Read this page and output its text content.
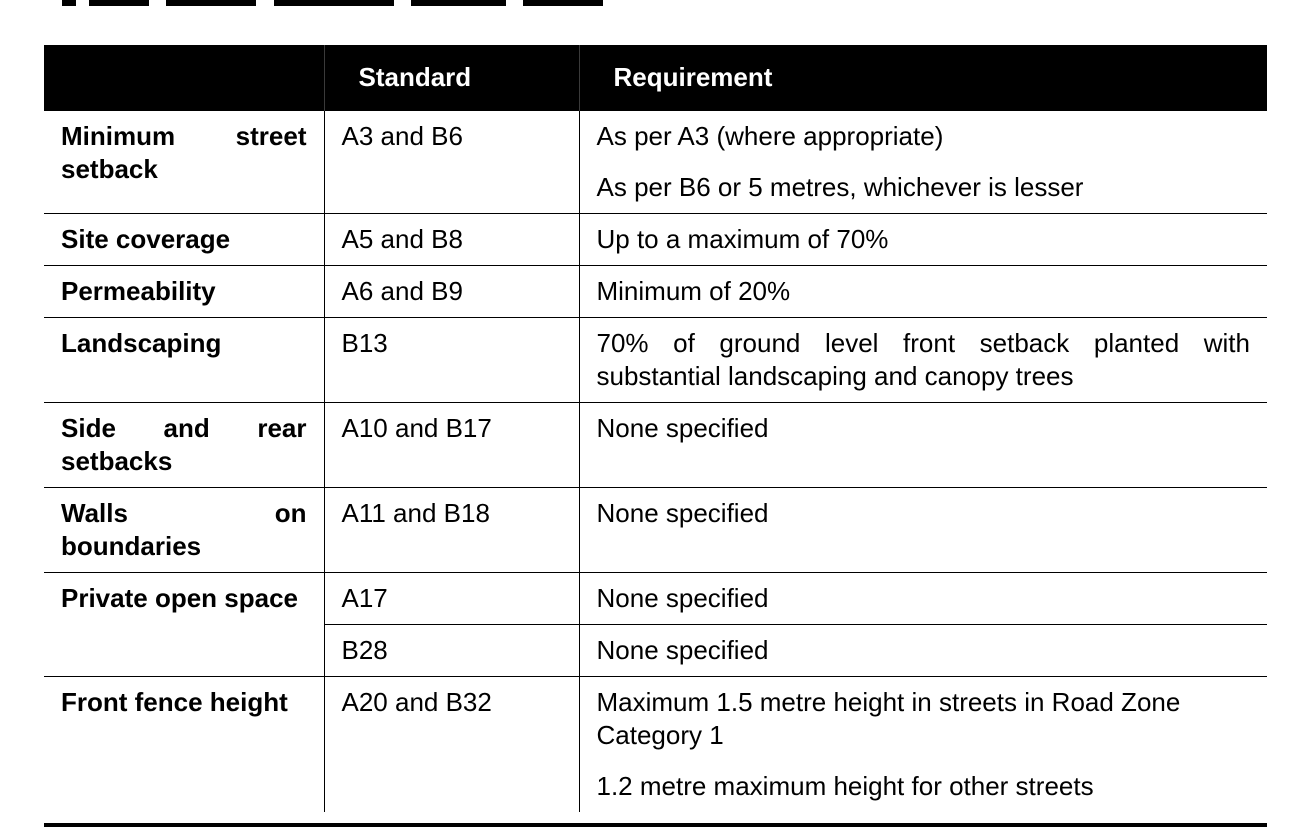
	Standard	Requirement
Minimum street setback	A3 and B6	As per A3 (where appropriate)

As per B6 or 5 metres, whichever is lesser

Site coverage	A5 and B8	Up to a maximum of 70%

Permeability	A6 and B9	Minimum of 20%

Landscaping	B13	70% of ground level front setback planted with substantial landscaping and canopy trees

Side and rear setbacks	A10 and B17	None specified

Walls on boundaries	A11 and B18	None specified

Private open space	A17	None specified

	B28	None specified

Front fence height	A20 and B32	Maximum 1.5 metre height in streets in Road Zone Category 1

1.2 metre maximum height for other streets
